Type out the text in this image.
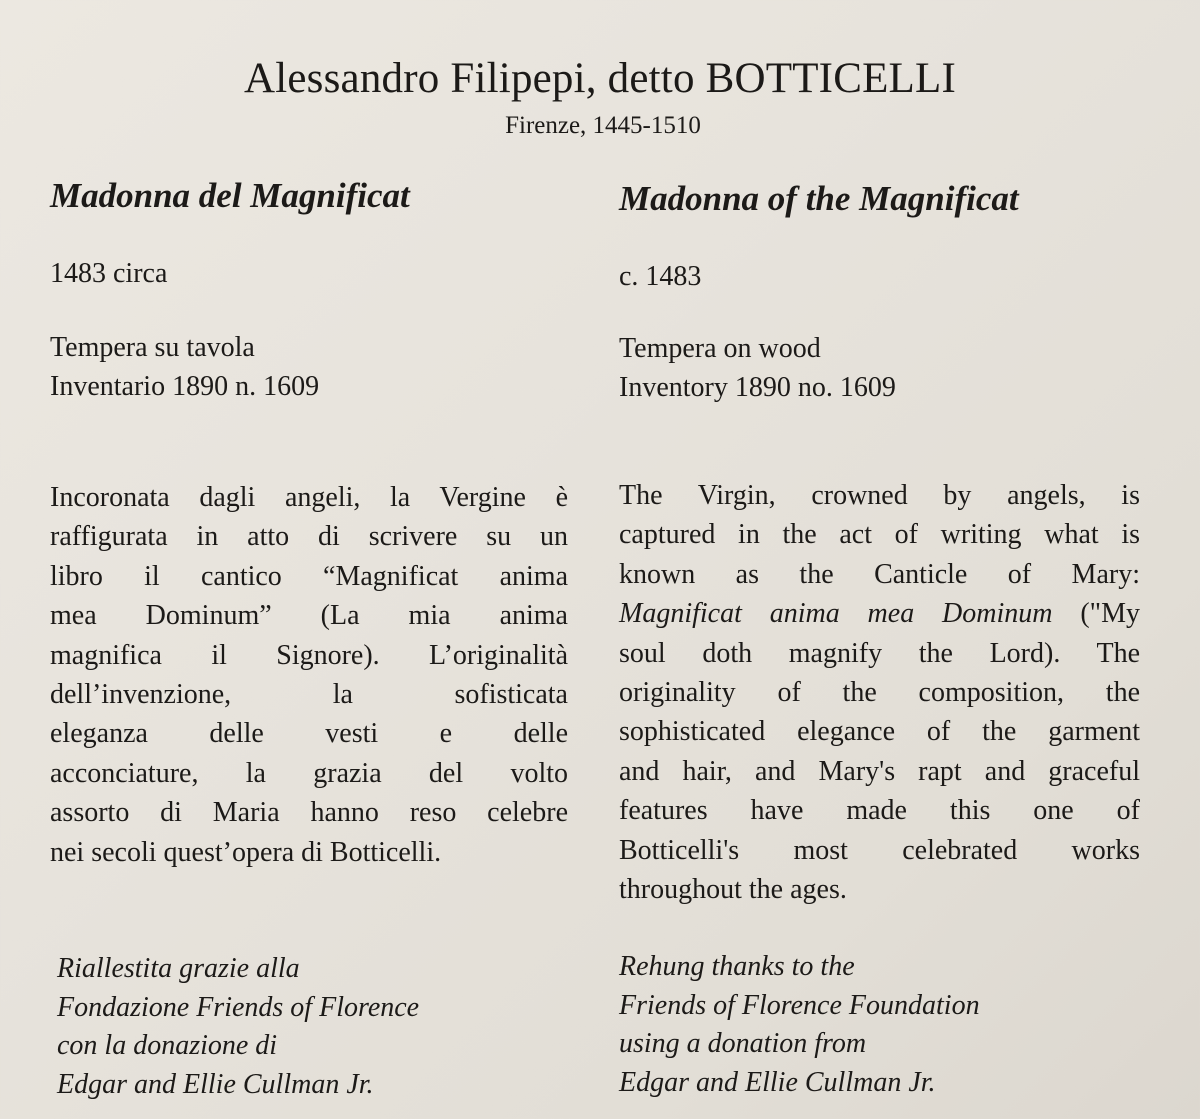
Alessandro Filipepi, detto BOTTICELLI
Firenze, 1445-1510
Madonna del Magnificat
1483 circa
Tempera su tavola
Inventario 1890 n. 1609
Incoronata dagli angeli, la Vergine è
raffigurata in atto di scrivere su un
libro il cantico “Magnificat anima
mea Dominum” (La mia anima
magnifica il Signore). L’originalità
dell’invenzione, la sofisticata
eleganza delle vesti e delle
acconciature, la grazia del volto
assorto di Maria hanno reso celebre
nei secoli quest’opera di Botticelli.
Riallestita grazie alla
Fondazione Friends of Florence
con la donazione di
Edgar and Ellie Cullman Jr.
Madonna of the Magnificat
c. 1483
Tempera on wood
Inventory 1890 no. 1609
The Virgin, crowned by angels, is
captured in the act of writing what is
known as the Canticle of Mary:
Magnificat anima mea Dominum ("My
soul doth magnify the Lord). The
originality of the composition, the
sophisticated elegance of the garment
and hair, and Mary's rapt and graceful
features have made this one of
Botticelli's most celebrated works
throughout the ages.
Rehung thanks to the
Friends of Florence Foundation
using a donation from
Edgar and Ellie Cullman Jr.
